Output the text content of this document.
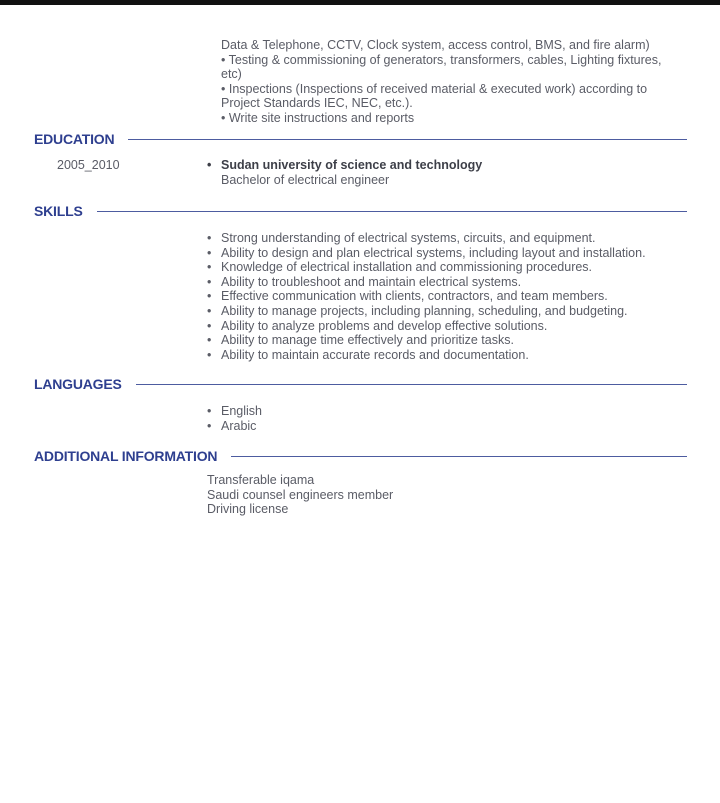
Data & Telephone, CCTV, Clock system, access control, BMS, and fire alarm)
• Testing & commissioning of generators, transformers, cables, Lighting fixtures, etc)
• Inspections (Inspections of received material & executed work) according to Project Standards IEC, NEC, etc.).
• Write site instructions and reports
EDUCATION
2005_2010	• Sudan university of science and technology
Bachelor of electrical engineer
SKILLS
• Strong understanding of electrical systems, circuits, and equipment.
• Ability to design and plan electrical systems, including layout and installation.
• Knowledge of electrical installation and commissioning procedures.
• Ability to troubleshoot and maintain electrical systems.
• Effective communication with clients, contractors, and team members.
• Ability to manage projects, including planning, scheduling, and budgeting.
• Ability to analyze problems and develop effective solutions.
• Ability to manage time effectively and prioritize tasks.
• Ability to maintain accurate records and documentation.
LANGUAGES
• English
• Arabic
ADDITIONAL INFORMATION
Transferable iqama
Saudi counsel engineers member
Driving license
